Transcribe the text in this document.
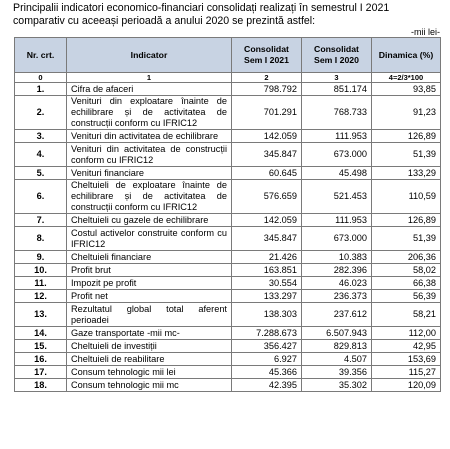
Principalii indicatori economico-financiari consolidați realizați în semestrul I 2021 comparativ cu aceeași perioadă a anului 2020 se prezintă astfel:
-mii lei-
Nr. crt.	Indicator	Consolidat Sem I 2021	Consolidat Sem I 2020	Dinamica (%)
0	1	2	3	4=2/3*100
1.	Cifra de afaceri	798.792	851.174	93,85
2.	Venituri din exploatare înainte de echilibrare și de activitatea de construcții conform cu IFRIC12	701.291	768.733	91,23
3.	Venituri din activitatea de echilibrare	142.059	111.953	126,89
4.	Venituri din activitatea de construcții conform cu IFRIC12	345.847	673.000	51,39
5.	Venituri financiare	60.645	45.498	133,29
6.	Cheltuieli de exploatare înainte de echilibrare și de activitatea de construcții conform cu IFRIC12	576.659	521.453	110,59
7.	Cheltuieli cu gazele de echilibrare	142.059	111.953	126,89
8.	Costul activelor construite conform cu IFRIC12	345.847	673.000	51,39
9.	Cheltuieli financiare	21.426	10.383	206,36
10.	Profit brut	163.851	282.396	58,02
11.	Impozit pe profit	30.554	46.023	66,38
12.	Profit net	133.297	236.373	56,39
13.	Rezultatul global total aferent perioadei	138.303	237.612	58,21
14.	Gaze transportate -mii mc-	7.288.673	6.507.943	112,00
15.	Cheltuieli de investiții	356.427	829.813	42,95
16.	Cheltuieli de reabilitare	6.927	4.507	153,69
17.	Consum tehnologic mii lei	45.366	39.356	115,27
18.	Consum tehnologic mii mc	42.395	35.302	120,09
